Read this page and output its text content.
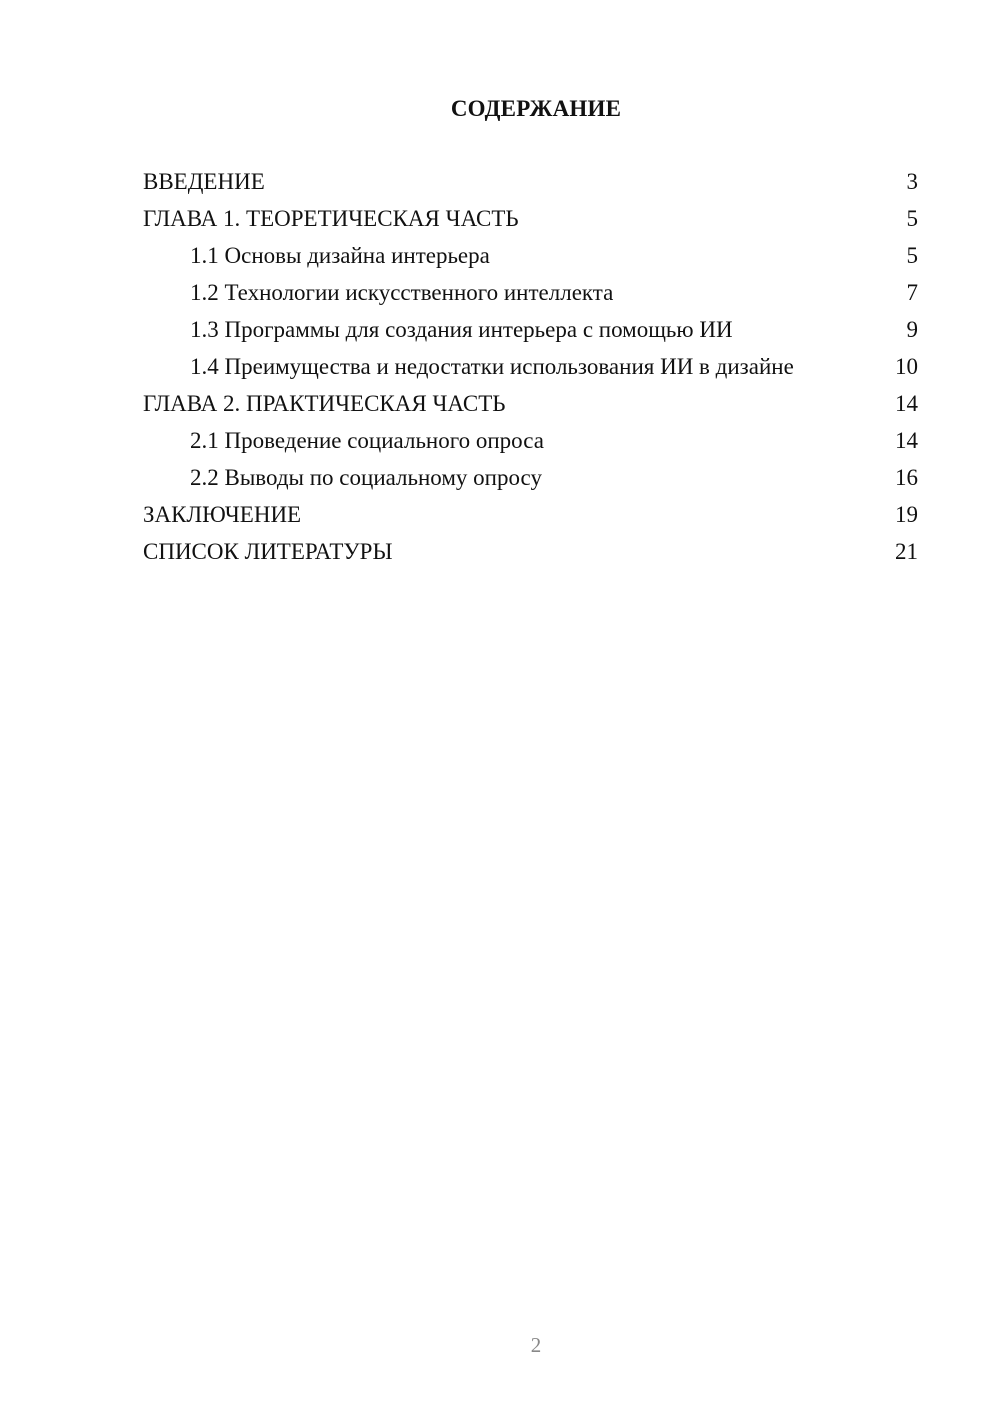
СОДЕРЖАНИЕ
ВВЕДЕНИЕ	3
ГЛАВА 1. ТЕОРЕТИЧЕСКАЯ ЧАСТЬ	5
1.1 Основы дизайна интерьера	5
1.2 Технологии искусственного интеллекта	7
1.3 Программы для создания интерьера с помощью ИИ	9
1.4 Преимущества и недостатки использования ИИ в дизайне	10
ГЛАВА 2. ПРАКТИЧЕСКАЯ ЧАСТЬ	14
2.1 Проведение социального опроса	14
2.2 Выводы по социальному опросу	16
ЗАКЛЮЧЕНИЕ	19
СПИСОК ЛИТЕРАТУРЫ	21
2
